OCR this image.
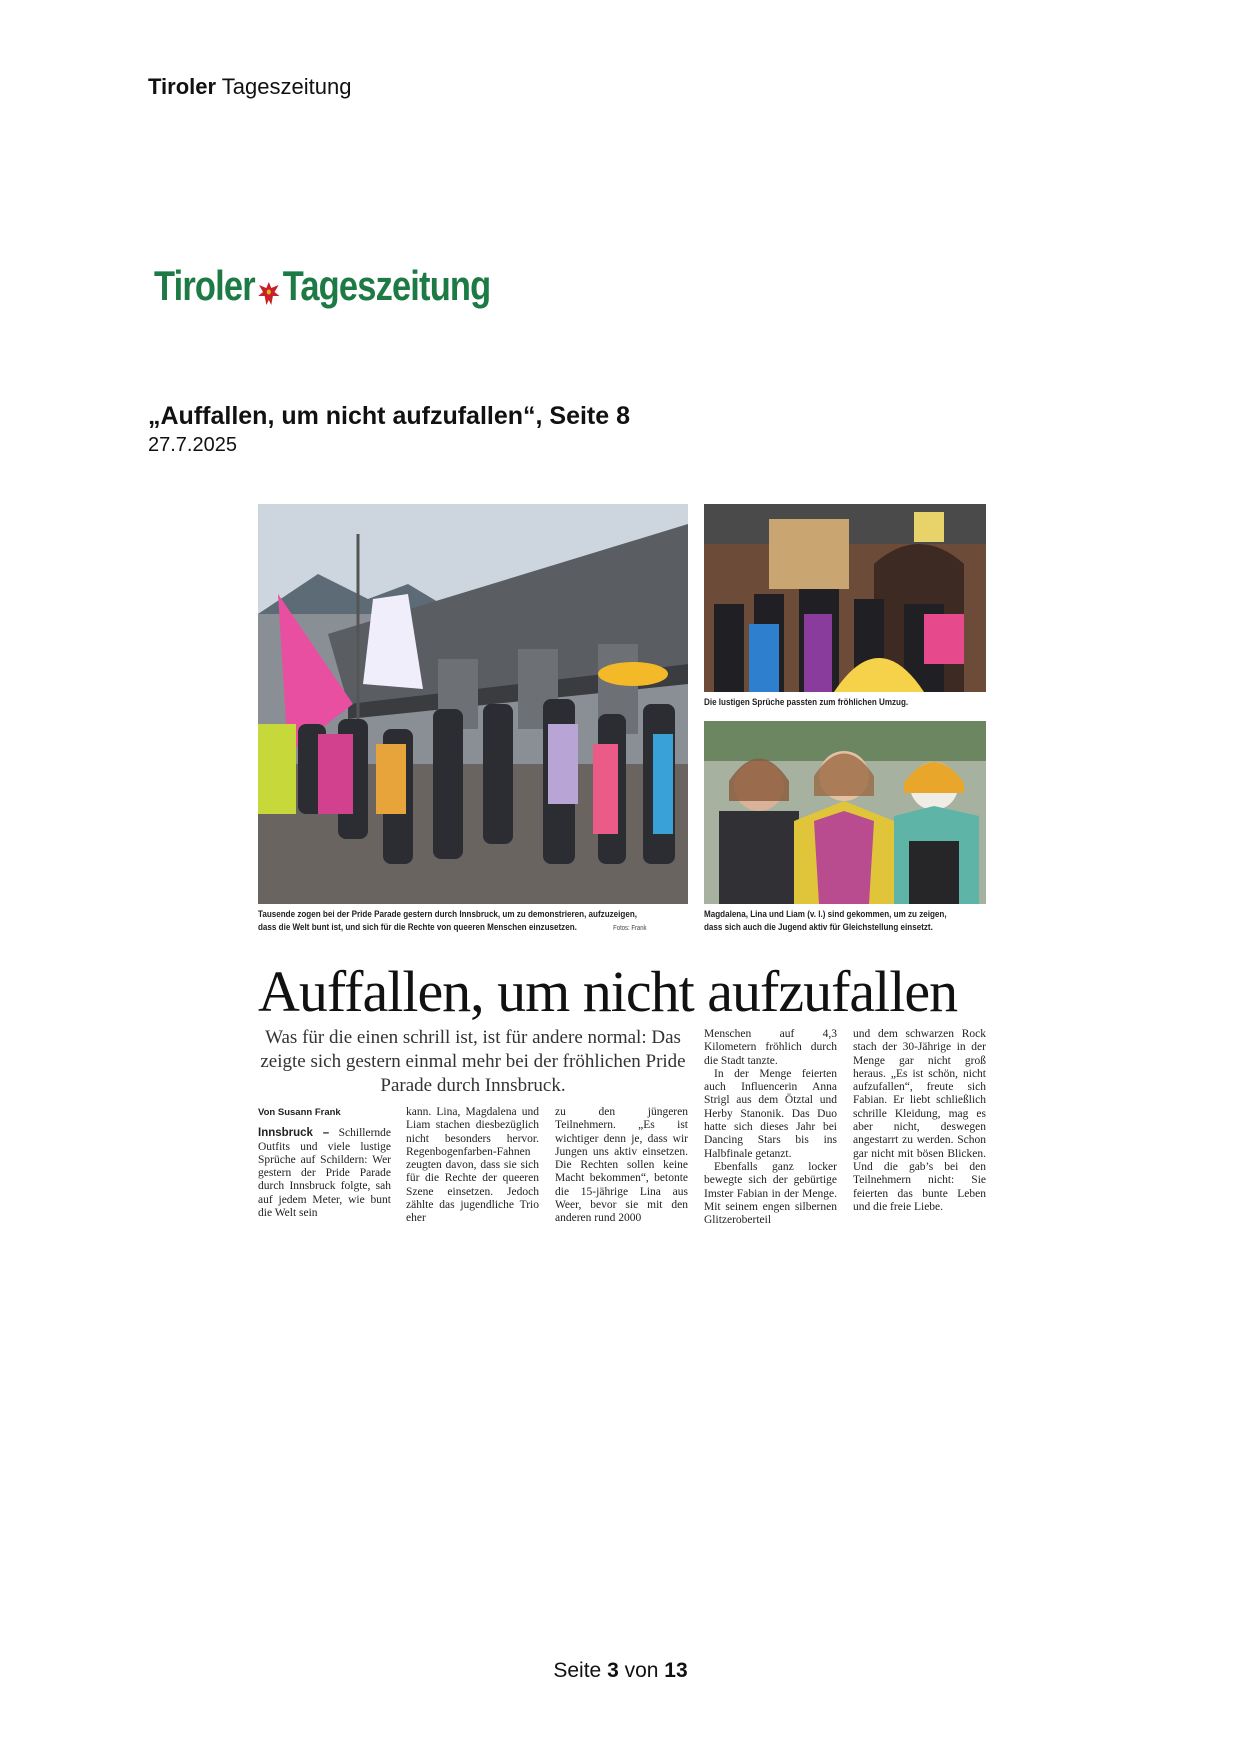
Tiroler Tageszeitung
Tiroler Tageszeitung
„Auffallen, um nicht aufzufallen“, Seite 8
27.7.2025
Tausende zogen bei der Pride Parade gestern durch Innsbruck, um zu demonstrieren, aufzuzeigen,
dass die Welt bunt ist, und sich für die Rechte von queeren Menschen einzusetzen.	Fotos: Frank
Die lustigen Sprüche passten zum fröhlichen Umzug.
Magdalena, Lina und Liam (v. l.) sind gekommen, um zu zeigen,
dass sich auch die Jugend aktiv für Gleichstellung einsetzt.
Auffallen, um nicht aufzufallen
Was für die einen schrill ist, ist für andere normal: Das zeigte sich gestern einmal mehr bei der fröhlichen Pride Parade durch Innsbruck.
Von Susann Frank
Innsbruck – Schillernde Outfits und viele lustige Sprüche auf Schildern: Wer gestern der Pride Parade durch Innsbruck folgte, sah auf jedem Meter, wie bunt die Welt sein
kann. Lina, Magdalena und Liam stachen diesbezüglich nicht besonders hervor. Regenbogenfarben-Fahnen zeugten davon, dass sie sich für die Rechte der queeren Szene einsetzen. Jedoch zählte das jugendliche Trio eher
zu den jüngeren Teilnehmern. „Es ist wichtiger denn je, dass wir Jungen uns aktiv einsetzen. Die Rechten sollen keine Macht bekommen“, betonte die 15-jährige Lina aus Weer, bevor sie mit den anderen rund 2000
Menschen auf 4,3 Kilometern fröhlich durch die Stadt tanzte.
In der Menge feierten auch Influencerin Anna Strigl aus dem Ötztal und Herby Stanonik. Das Duo hatte sich dieses Jahr bei Dancing Stars bis ins Halbfinale getanzt.
Ebenfalls ganz locker bewegte sich der gebürtige Imster Fabian in der Menge. Mit seinem engen silbernen Glitzeroberteil
und dem schwarzen Rock stach der 30-Jährige in der Menge gar nicht groß heraus. „Es ist schön, nicht aufzufallen“, freute sich Fabian. Er liebt schließlich schrille Kleidung, mag es aber nicht, deswegen angestarrt zu werden. Schon gar nicht mit bösen Blicken. Und die gab’s bei den Teilnehmern nicht: Sie feierten das bunte Leben und die freie Liebe.
Seite 3 von 13
